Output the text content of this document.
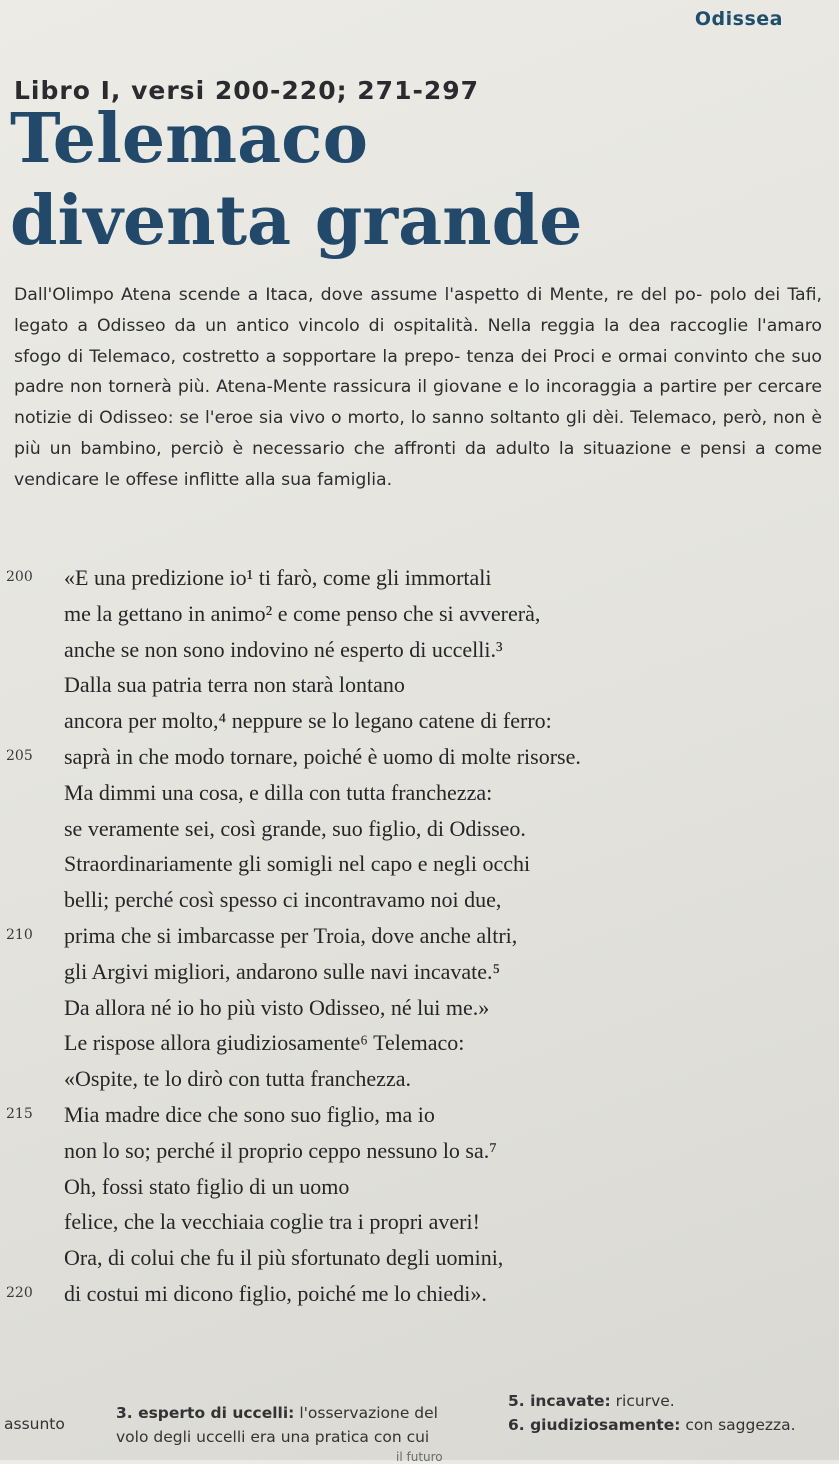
Odissea
Libro I, versi 200-220; 271-297
Telemaco
diventa grande

Dall'Olimpo Atena scende a Itaca, dove assume l'aspetto di Mente, re del po- polo dei Tafi, legato a Odisseo da un antico vincolo di ospitalità. Nella reggia la dea raccoglie l'amaro sfogo di Telemaco, costretto a sopportare la prepo- tenza dei Proci e ormai convinto che suo padre non tornerà più. Atena-Mente rassicura il giovane e lo incoraggia a partire per cercare notizie di Odisseo: se l'eroe sia vivo o morto, lo sanno soltanto gli dèi. Telemaco, però, non è più un bambino, perciò è necessario che affronti da adulto la situazione e pensi a come vendicare le offese inflitte alla sua famiglia.

200	«E una predizione io¹ ti farò, come gli immortali
me la gettano in animo² e come penso che si avvererà,
anche se non sono indovino né esperto di uccelli.³
Dalla sua patria terra non starà lontano
ancora per molto,⁴ neppure se lo legano catene di ferro:
205	saprà in che modo tornare, poiché è uomo di molte risorse.
Ma dimmi una cosa, e dilla con tutta franchezza:
se veramente sei, così grande, suo figlio, di Odisseo.
Straordinariamente gli somigli nel capo e negli occhi
belli; perché così spesso ci incontravamo noi due,
210	prima che si imbarcasse per Troia, dove anche altri,
gli Argivi migliori, andarono sulle navi incavate.⁵
Da allora né io ho più visto Odisseo, né lui me.»
Le rispose allora giudiziosamente⁶ Telemaco:
«Ospite, te lo dirò con tutta franchezza.
215	Mia madre dice che sono suo figlio, ma io
non lo so; perché il proprio ceppo nessuno lo sa.⁷
Oh, fossi stato figlio di un uomo
felice, che la vecchiaia coglie tra i propri averi!
Ora, di colui che fu il più sfortunato degli uomini,
220	di costui mi dicono figlio, poiché me lo chiedi».
assunto
3. esperto di uccelli: l'osservazione del
volo degli uccelli era una pratica con cui
il futuro
5. incavate: ricurve.
6. giudiziosamente: con saggezza.
